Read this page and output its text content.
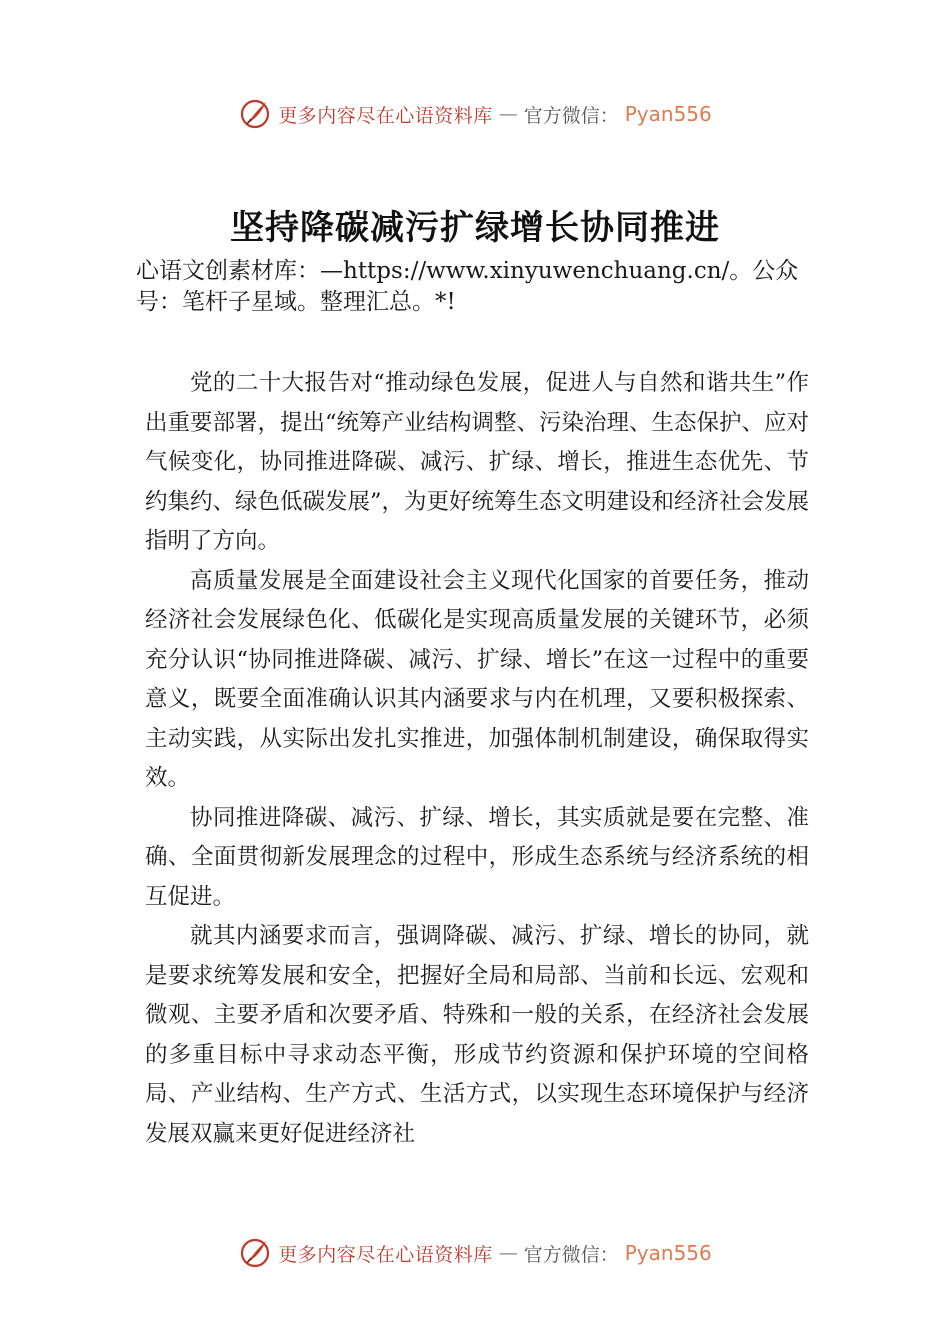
更多内容尽在心语资料库 — 官方微信： Pyan556
坚持降碳减污扩绿增长协同推进

心语文创素材库：—https://www.xinyuwenchuang.cn/。公众号：笔杆子星域。整理汇总。*!

党的二十大报告对“推动绿色发展，促进人与自然和谐共生”作出重要部署，提出“统筹产业结构调整、污染治理、生态保护、应对气候变化，协同推进降碳、减污、扩绿、增长，推进生态优先、节约集约、绿色低碳发展”，为更好统筹生态文明建设和经济社会发展指明了方向。

高质量发展是全面建设社会主义现代化国家的首要任务，推动经济社会发展绿色化、低碳化是实现高质量发展的关键环节，必须充分认识“协同推进降碳、减污、扩绿、增长”在这一过程中的重要意义，既要全面准确认识其内涵要求与内在机理，又要积极探索、主动实践，从实际出发扎实推进，加强体制机制建设，确保取得实效。

协同推进降碳、减污、扩绿、增长，其实质就是要在完整、准确、全面贯彻新发展理念的过程中，形成生态系统与经济系统的相互促进。

就其内涵要求而言，强调降碳、减污、扩绿、增长的协同，就是要求统筹发展和安全，把握好全局和局部、当前和长远、宏观和微观、主要矛盾和次要矛盾、特殊和一般的关系，在经济社会发展的多重目标中寻求动态平衡，形成节约资源和保护环境的空间格局、产业结构、生产方式、生活方式，以实现生态环境保护与经济发展双赢来更好促进经济社

更多内容尽在心语资料库 — 官方微信： Pyan556
